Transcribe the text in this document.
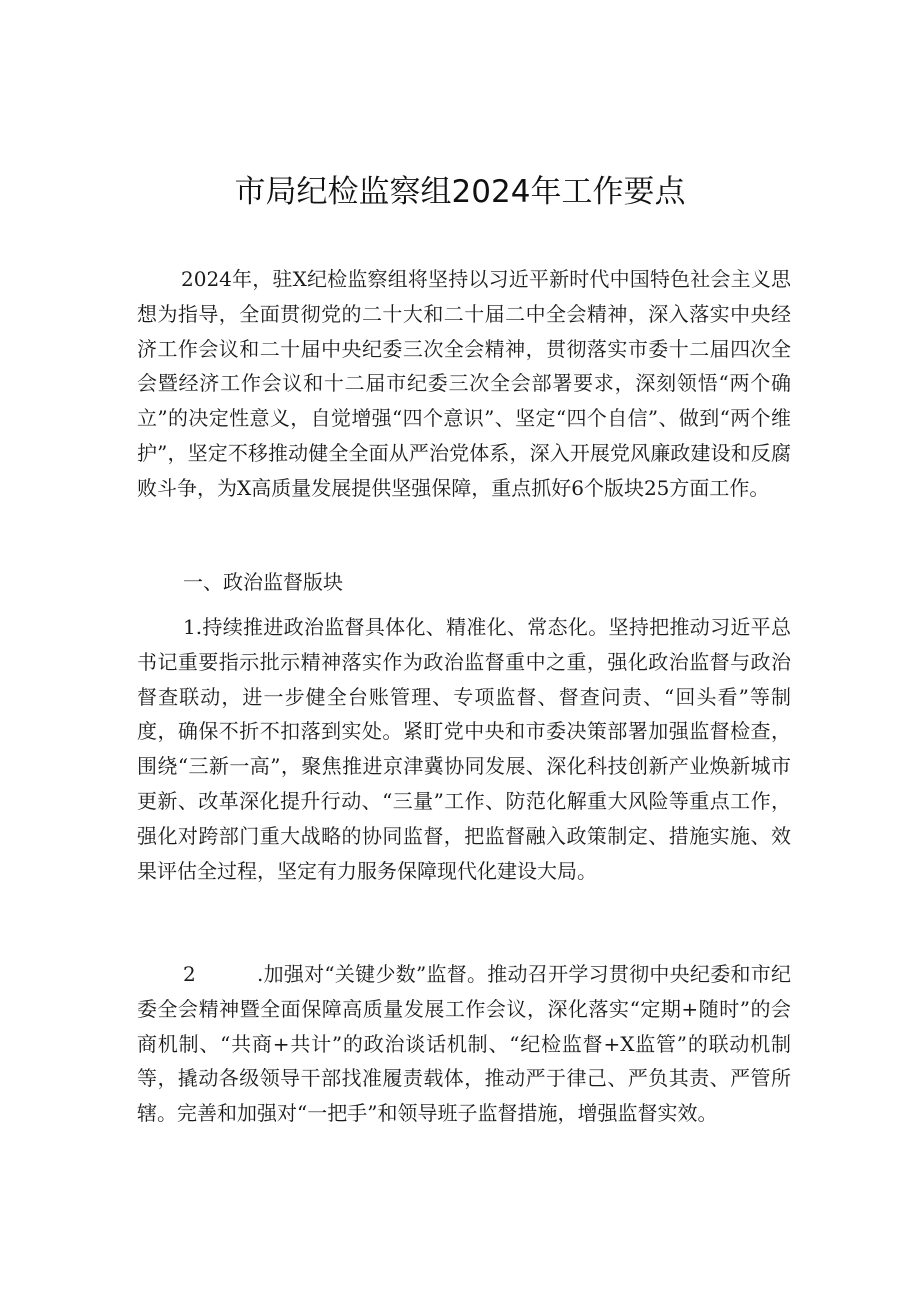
市局纪检监察组2024年工作要点

2024年，驻X纪检监察组将坚持以习近平新时代中国特色社会主义思想为指导，全面贯彻党的二十大和二十届二中全会精神，深入落实中央经济工作会议和二十届中央纪委三次全会精神，贯彻落实市委十二届四次全会暨经济工作会议和十二届市纪委三次全会部署要求，深刻领悟“两个确立”的决定性意义，自觉增强“四个意识”、坚定“四个自信”、做到“两个维护”，坚定不移推动健全全面从严治党体系，深入开展党风廉政建设和反腐败斗争，为X高质量发展提供坚强保障，重点抓好6个版块25方面工作。

一、政治监督版块

1.持续推进政治监督具体化、精准化、常态化。坚持把推动习近平总书记重要指示批示精神落实作为政治监督重中之重，强化政治监督与政治督查联动，进一步健全台账管理、专项监督、督查问责、“回头看”等制度，确保不折不扣落到实处。紧盯党中央和市委决策部署加强监督检查，围绕“三新一高”，聚焦推进京津冀协同发展、深化科技创新产业焕新城市更新、改革深化提升行动、“三量”工作、防范化解重大风险等重点工作，强化对跨部门重大战略的协同监督，把监督融入政策制定、措施实施、效果评估全过程，坚定有力服务保障现代化建设大局。

2	.加强对“关键少数”监督。推动召开学习贯彻中央纪委和市纪委全会精神暨全面保障高质量发展工作会议，深化落实“定期+随时”的会商机制、“共商+共计”的政治谈话机制、“纪检监督+X监管”的联动机制等，撬动各级领导干部找准履责载体，推动严于律己、严负其责、严管所辖。完善和加强对“一把手”和领导班子监督措施，增强监督实效。
